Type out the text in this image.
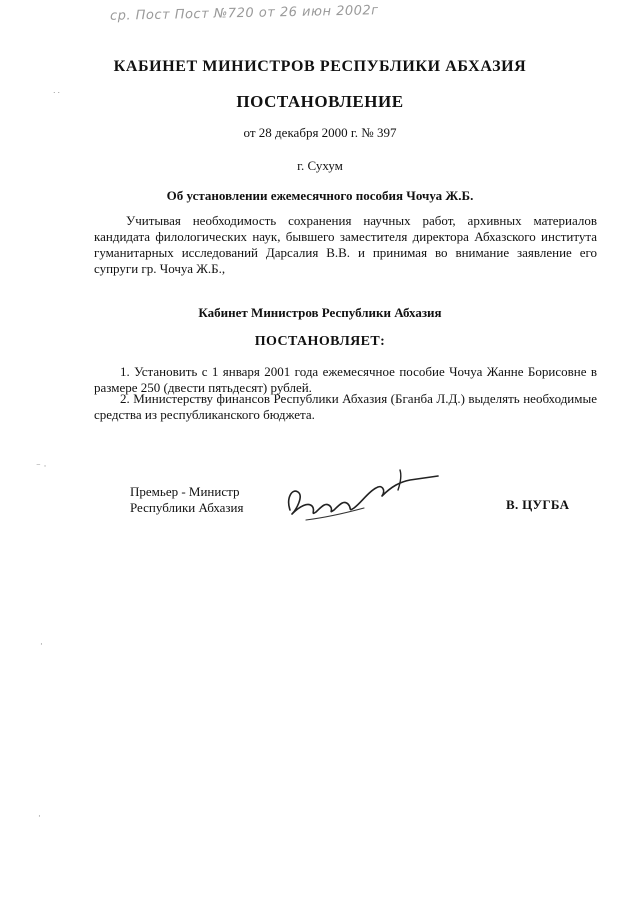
ср. Пост Пост №720 от 26 июн 2002г
˙˙
⁻ ·
·
·
КАБИНЕТ МИНИСТРОВ РЕСПУБЛИКИ АБХАЗИЯ
ПОСТАНОВЛЕНИЕ
от 28 декабря 2000 г. № 397
г. Сухум
Об установлении ежемесячного пособия Чочуа Ж.Б.

Учитывая необходимость сохранения научных работ, архивных материалов кандидата филологических наук, бывшего заместителя директора Абхазского института гуманитарных исследований Дарсалия В.В. и принимая во внимание заявление его супруги гр. Чочуа Ж.Б.,

Кабинет Министров Республики Абхазия
ПОСТАНОВЛЯЕТ:

1. Установить с 1 января 2001 года ежемесячное пособие Чочуа Жанне Борисовне в размере 250 (двести пятьдесят) рублей.

2. Министерству финансов Республики Абхазия (Бганба Л.Д.) выделять необходимые средства из республиканского бюджета.

Премьер - Министр
Республики Абхазия	В. ЦУГБА
